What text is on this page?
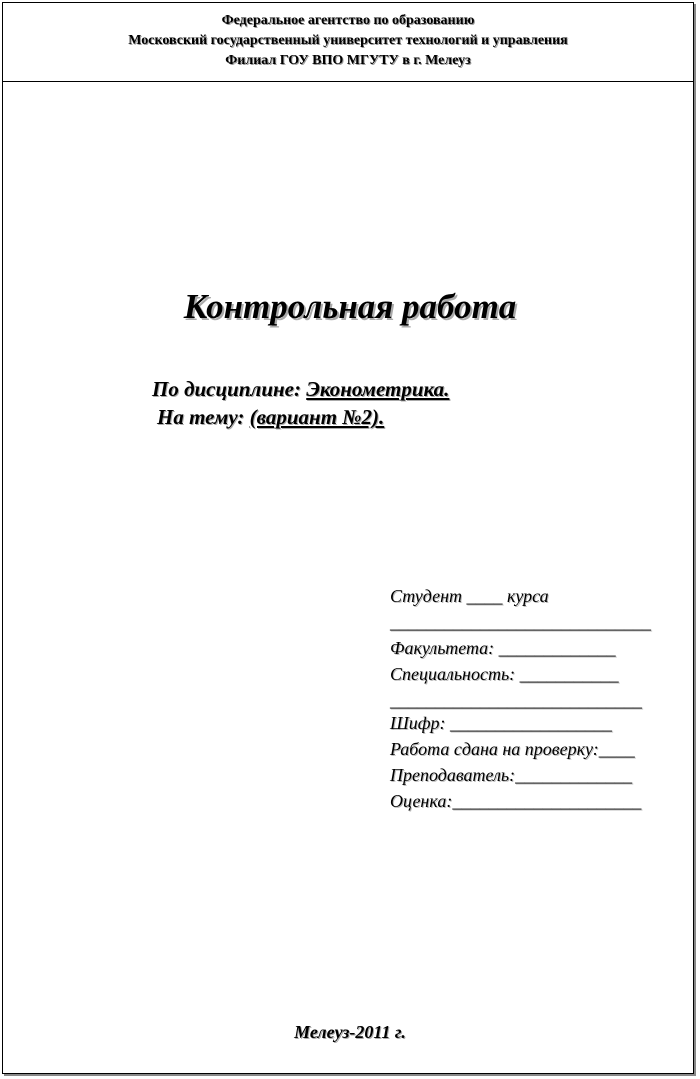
Федеральное агентство по образованию
Московский государственный университет технологий и управления
Филиал ГОУ ВПО МГУТУ в г. Мелеуз
Контрольная работа
По дисциплине: Эконометрика.
На тему: (вариант №2).
Студент ____ курса
_____________________________
Факультета: _____________
Специальность: ___________
____________________________
Шифр: __________________
Работа сдана на проверку:____
Преподаватель:_____________
Оценка:_____________________
Мелеуз-2011 г.
